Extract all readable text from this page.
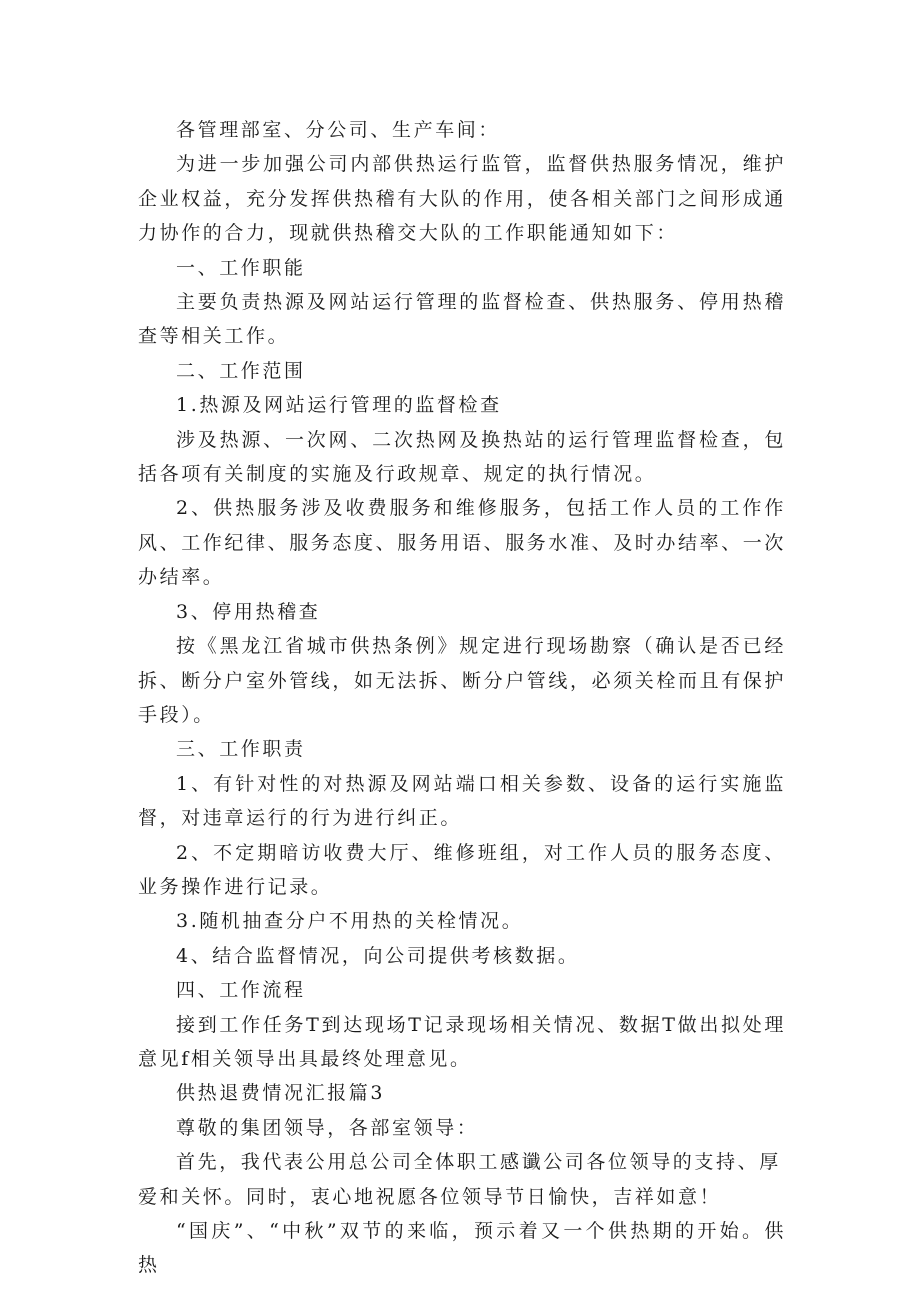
各管理部室、分公司、生产车间：

为进一步加强公司内部供热运行监管，监督供热服务情况，维护企业权益，充分发挥供热稽有大队的作用，使各相关部门之间形成通力协作的合力，现就供热稽交大队的工作职能通知如下：

一、工作职能

主要负责热源及网站运行管理的监督检查、供热服务、停用热稽查等相关工作。

二、工作范围

1.热源及网站运行管理的监督检查

涉及热源、一次网、二次热网及换热站的运行管理监督检查，包括各项有关制度的实施及行政规章、规定的执行情况。

2、供热服务涉及收费服务和维修服务，包括工作人员的工作作风、工作纪律、服务态度、服务用语、服务水准、及时办结率、一次办结率。

3、停用热稽查

按《黑龙江省城市供热条例》规定进行现场勘察（确认是否已经拆、断分户室外管线，如无法拆、断分户管线，必须关栓而且有保护手段）。

三、工作职责

1、有针对性的对热源及网站端口相关参数、设备的运行实施监督，对违章运行的行为进行纠正。

2、不定期暗访收费大厅、维修班组，对工作人员的服务态度、业务操作进行记录。

3.随机抽查分户不用热的关栓情况。

4、结合监督情况，向公司提供考核数据。

四、工作流程

接到工作任务T到达现场T记录现场相关情况、数据T做出拟处理意见f相关领导出具最终处理意见。

供热退费情况汇报篇3

尊敬的集团领导，各部室领导：

首先，我代表公用总公司全体职工感谶公司各位领导的支持、厚

爱和关怀。同时，衷心地祝愿各位领导节日愉快，吉祥如意！

“国庆”、“中秋”双节的来临，预示着又一个供热期的开始。供热
